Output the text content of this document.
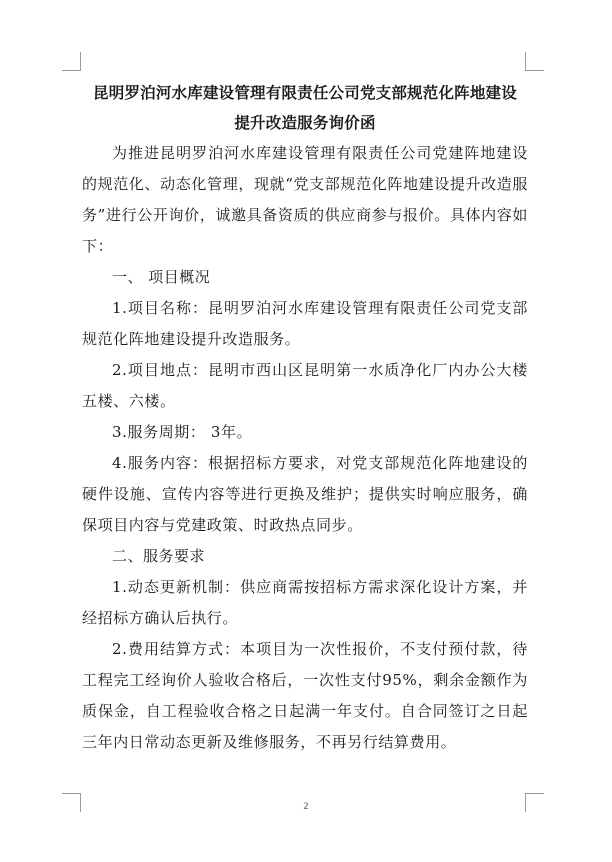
昆明罗泊河水库建设管理有限责任公司党支部规范化阵地建设
提升改造服务询价函

为推进昆明罗泊河水库建设管理有限责任公司党建阵地建设的规范化、动态化管理，现就“党支部规范化阵地建设提升改造服务”进行公开询价，诚邀具备资质的供应商参与报价。具体内容如下：

一、 项目概况

1.项目名称：昆明罗泊河水库建设管理有限责任公司党支部规范化阵地建设提升改造服务。

2.项目地点：昆明市西山区昆明第一水质净化厂内办公大楼五楼、六楼。

3.服务周期： 3年。

4.服务内容：根据招标方要求，对党支部规范化阵地建设的硬件设施、宣传内容等进行更换及维护；提供实时响应服务，确保项目内容与党建政策、时政热点同步。

二、服务要求

1.动态更新机制：供应商需按招标方需求深化设计方案，并经招标方确认后执行。

2.费用结算方式：本项目为一次性报价，不支付预付款，待工程完工经询价人验收合格后，一次性支付95%，剩余金额作为质保金，自工程验收合格之日起满一年支付。自合同签订之日起三年内日常动态更新及维修服务，不再另行结算费用。

2
